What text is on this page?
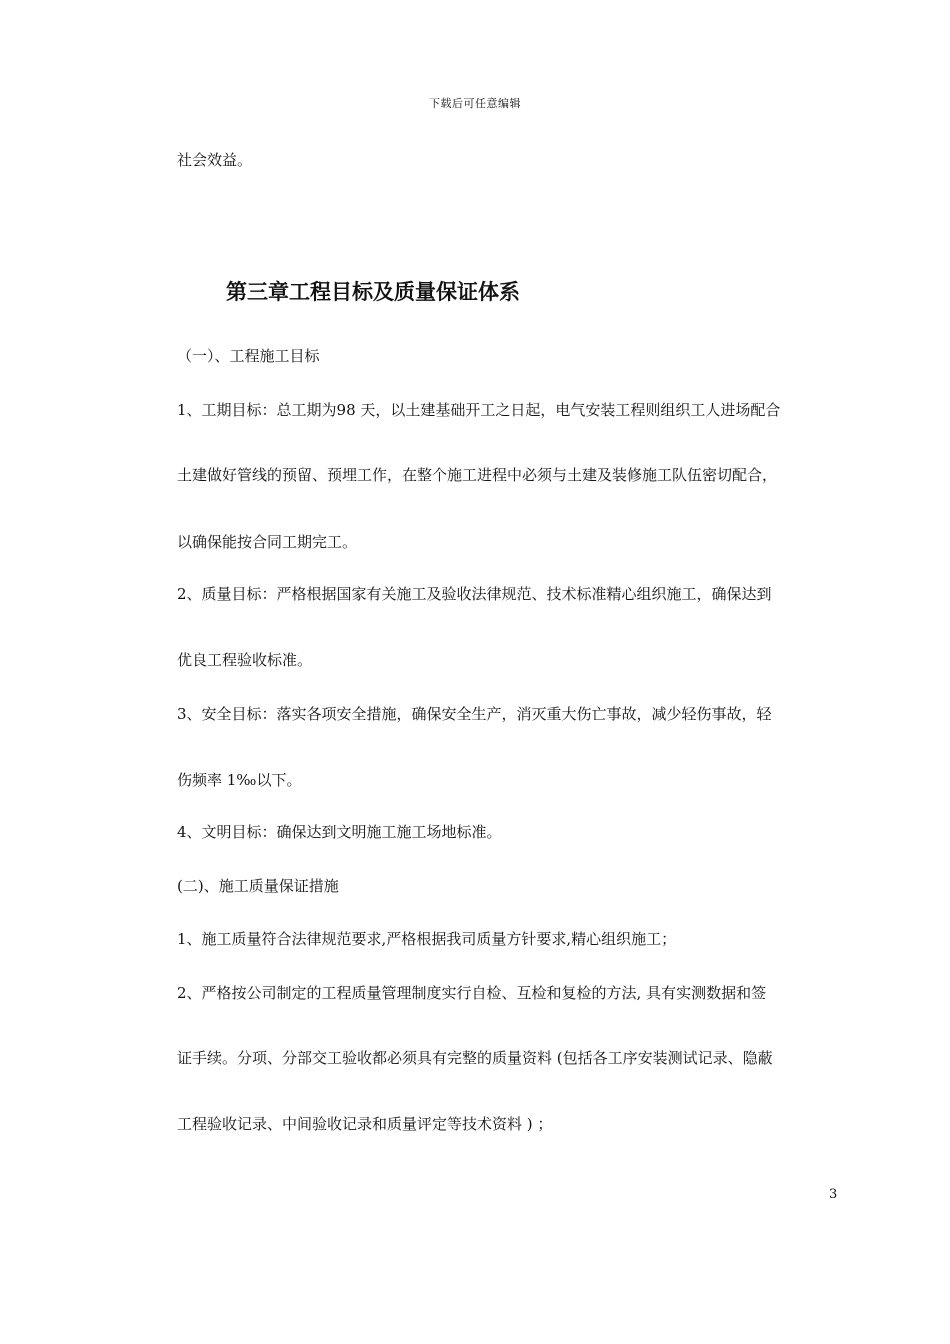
下载后可任意编辑
社会效益。
第三章工程目标及质量保证体系
（一）、工程施工目标
1、工期目标：总工期为98 天，以土建基础开工之日起，电气安装工程则组织工人进场配合
土建做好管线的预留、预埋工作，在整个施工进程中必须与土建及装修施工队伍密切配合，
以确保能按合同工期完工。
2、质量目标：严格根据国家有关施工及验收法律规范、技术标准精心组织施工，确保达到
优良工程验收标准。
3、安全目标：落实各项安全措施，确保安全生产，消灭重大伤亡事故，减少轻伤事故，轻
伤频率 1‰以下。
4、文明目标：确保达到文明施工施工场地标准。
(二)、施工质量保证措施
1、施工质量符合法律规范要求,严格根据我司质量方针要求,精心组织施工；
2、严格按公司制定的工程质量管理制度实行自检、互检和复检的方法, 具有实测数据和签
证手续。分项、分部交工验收都必须具有完整的质量资料 (包括各工序安装测试记录、隐蔽
工程验收记录、中间验收记录和质量评定等技术资料 ) ；
3
